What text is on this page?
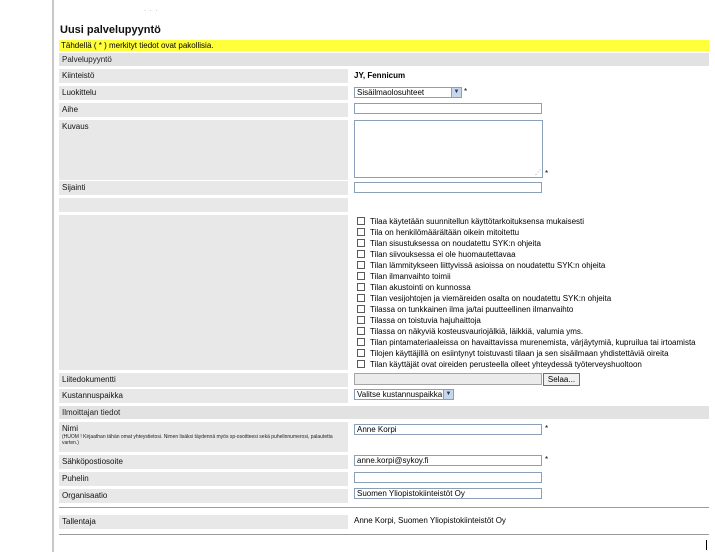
· · ·
Uusi palvelupyyntö
Tähdellä ( * ) merkityt tiedot ovat pakollisia.
Palvelupyyntö
Kiinteistö	JY, Fennicum
Luokittelu	Sisäilmaolosuhteet	▼ *
Aihe
Kuvaus
⋰ *
Sijainti
Tilaa käytetään suunnitellun käyttötarkoituksensa mukaisesti
Tila on henkilömäärältään oikein mitoitettu
Tilan sisustuksessa on noudatettu SYK:n ohjeita
Tilan siivouksessa ei ole huomautettavaa
Tilan lämmitykseen liittyvissä asioissa on noudatettu SYK:n ohjeita
Tilan ilmanvaihto toimii
Tilan akustointi on kunnossa
Tilan vesijohtojen ja viemäreiden osalta on noudatettu SYK:n ohjeita
Tilassa on tunkkainen ilma ja/tai puutteellinen ilmanvaihto
Tilassa on toistuvia hajuhaittoja
Tilassa on näkyviä kosteusvauriojälkiä, läikkiä, valumia yms.
Tilan pintamateriaaleissa on havaittavissa murenemista, värjäytymiä, kupruilua tai irtoamista
Tilojen käyttäjillä on esiintynyt toistuvasti tilaan ja sen sisäilmaan yhdistettäviä oireita
Tilan käyttäjät ovat oireiden perusteella olleet yhteydessä työterveyshuoltoon
Liitedokumentti	Selaa...
Kustannuspaikka	Valitse kustannuspaikka ▼
Ilmoittajan tiedot
Nimi
(HUOM ! Kirjaathan tähän omat yhteystietosi. Nimen lisäksi täydennä myös sp-osoitteesi sekä puhelinnumerosi, palautetta varten.)
Anne Korpi	*
Sähköpostiosoite	anne.korpi@sykoy.fi	*
Puhelin
Organisaatio	Suomen Yliopistokiinteistöt Oy
Tallentaja	Anne Korpi, Suomen Yliopistokiinteistöt Oy
